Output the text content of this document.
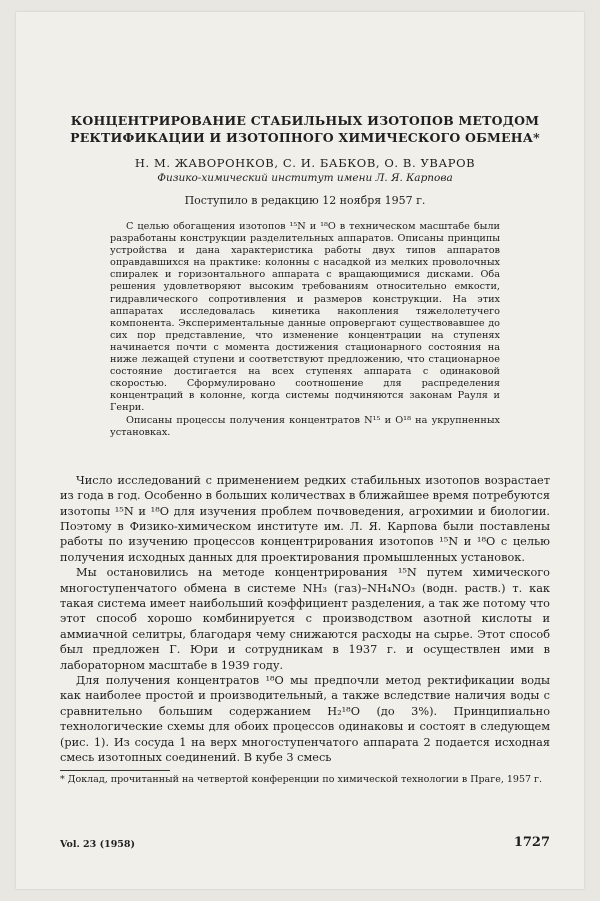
КОНЦЕНТРИРОВАНИЕ СТАБИЛЬНЫХ ИЗОТОПОВ МЕТОДОМ РЕКТИФИКАЦИИ И ИЗОТОПНОГО ХИМИЧЕСКОГО ОБМЕНА*
Н. М. ЖАВОРОНКОВ, С. И. БАБКОВ, О. В. УВАРОВ
Физико-химический институт имени Л. Я. Карпова
Поступило в редакцию 12 ноября 1957 г.

С целью обогащения изотопов ¹⁵N и ¹⁸O в техническом масштабе были разработаны конструкции разделительных аппаратов. Описаны принципы устройства и дана характеристика работы двух типов аппаратов оправдавшихся на практике: колонны с насадкой из мелких проволочных спиралек и горизонтального аппарата с вращающимися дисками. Оба решения удовлетворяют высоким требованиям относительно емкости, гидравлического сопротивления и размеров конструкции. На этих аппаратах исследовалась кинетика накопления тяжелолетучего компонента. Экспериментальные данные опровергают существовавшее до сих пор представление, что изменение концентрации на ступенях начинается почти с момента достижения стационарного состояния на ниже лежащей ступени и соответствуют предложению, что стационарное состояние достигается на всех ступенях аппарата с одинаковой скоростью. Сформулировано соотношение для распределения концентраций в колонне, когда системы подчиняются законам Рауля и Генри.

Описаны процессы получения концентратов N¹⁵ и O¹⁸ на укрупненных установках.

Число исследований с применением редких стабильных изотопов возрастает из года в год. Особенно в больших количествах в ближайшее время потребуются изотопы ¹⁵N и ¹⁸O для изучения проблем почвоведения, агрохимии и биологии. Поэтому в Физико-химическом институте им. Л. Я. Карпова были поставлены работы по изучению процессов концентрирования изотопов ¹⁵N и ¹⁸O с целью получения исходных данных для проектирования промышленных установок.

Мы остановились на методе концентрирования ¹⁵N путем химического многоступенчатого обмена в системе NH₃ (газ)–NH₄NO₃ (водн. раств.) т. как такая система имеет наибольший коэффициент разделения, а так же потому что этот способ хорошо комбинируется с производством азотной кислоты и аммиачной селитры, благодаря чему снижаются расходы на сырье. Этот способ был предложен Г. Юри и сотрудникам в 1937 г. и осуществлен ими в лабораторном масштабе в 1939 году.

Для получения концентратов ¹⁸O мы предпочли метод ректификации воды как наиболее простой и производительный, а также вследствие наличия воды с сравнительно большим содержанием H₂¹⁸O (до 3%). Принципиально технологические схемы для обоих процессов одинаковы и состоят в следующем (рис. 1). Из сосуда 1 на верх многоступенчатого аппарата 2 подается исходная смесь изотопных соединений. В кубе 3 смесь

* Доклад, прочитанный на четвертой конференции по химической технологии в Праге, 1957 г.
Vol. 23 (1958)	1727
